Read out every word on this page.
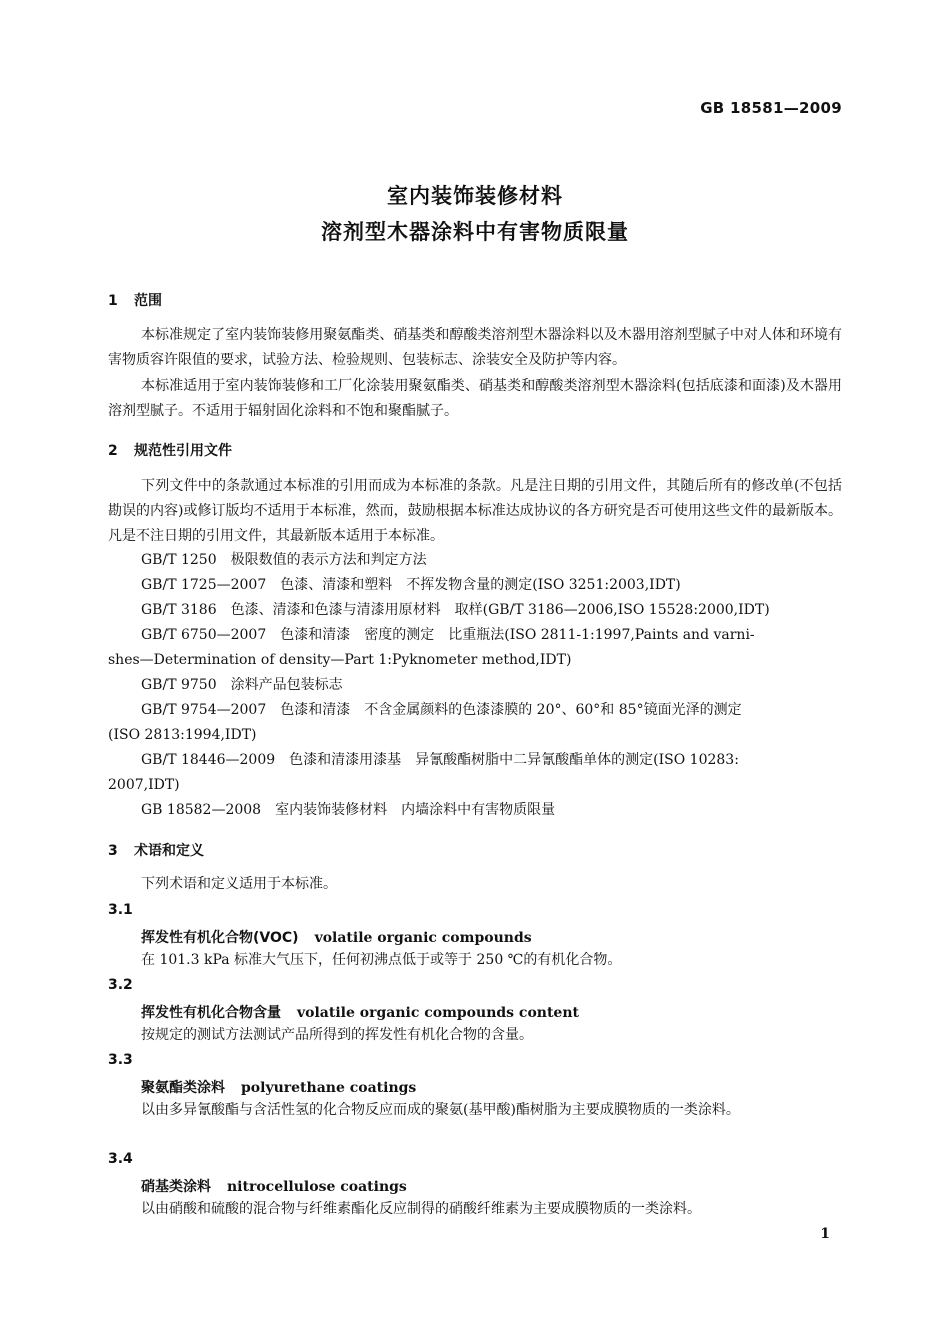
GB 18581—2009
室内装饰装修材料
溶剂型木器涂料中有害物质限量
1 范围
本标准规定了室内装饰装修用聚氨酯类、硝基类和醇酸类溶剂型木器涂料以及木器用溶剂型腻子中对人体和环境有害物质容许限值的要求，试验方法、检验规则、包装标志、涂装安全及防护等内容。
本标准适用于室内装饰装修和工厂化涂装用聚氨酯类、硝基类和醇酸类溶剂型木器涂料(包括底漆和面漆)及木器用溶剂型腻子。不适用于辐射固化涂料和不饱和聚酯腻子。
2 规范性引用文件
下列文件中的条款通过本标准的引用而成为本标准的条款。凡是注日期的引用文件，其随后所有的修改单(不包括勘误的内容)或修订版均不适用于本标准，然而，鼓励根据本标准达成协议的各方研究是否可使用这些文件的最新版本。凡是不注日期的引用文件，其最新版本适用于本标准。
GB/T 1250 极限数值的表示方法和判定方法
GB/T 1725—2007 色漆、清漆和塑料　不挥发物含量的测定(ISO 3251:2003,IDT)
GB/T 3186 色漆、清漆和色漆与清漆用原材料　取样(GB/T 3186—2006,ISO 15528:2000,IDT)
GB/T 6750—2007 色漆和清漆　密度的测定　比重瓶法(ISO 2811-1:1997,Paints and varni-
shes—Determination of density—Part 1:Pyknometer method,IDT)
GB/T 9750 涂料产品包装标志
GB/T 9754—2007 色漆和清漆　不含金属颜料的色漆漆膜的 20°、60°和 85°镜面光泽的测定
(ISO 2813:1994,IDT)
GB/T 18446—2009 色漆和清漆用漆基　异氰酸酯树脂中二异氰酸酯单体的测定(ISO 10283:
2007,IDT)
GB 18582—2008 室内装饰装修材料　内墙涂料中有害物质限量
3 术语和定义
下列术语和定义适用于本标准。
3.1
挥发性有机化合物(VOC) volatile organic compounds
在 101.3 kPa 标准大气压下，任何初沸点低于或等于 250 ℃的有机化合物。
3.2
挥发性有机化合物含量 volatile organic compounds content
按规定的测试方法测试产品所得到的挥发性有机化合物的含量。
3.3
聚氨酯类涂料 polyurethane coatings
以由多异氰酸酯与含活性氢的化合物反应而成的聚氨(基甲酸)酯树脂为主要成膜物质的一类涂料。
3.4
硝基类涂料 nitrocellulose coatings
以由硝酸和硫酸的混合物与纤维素酯化反应制得的硝酸纤维素为主要成膜物质的一类涂料。
1
